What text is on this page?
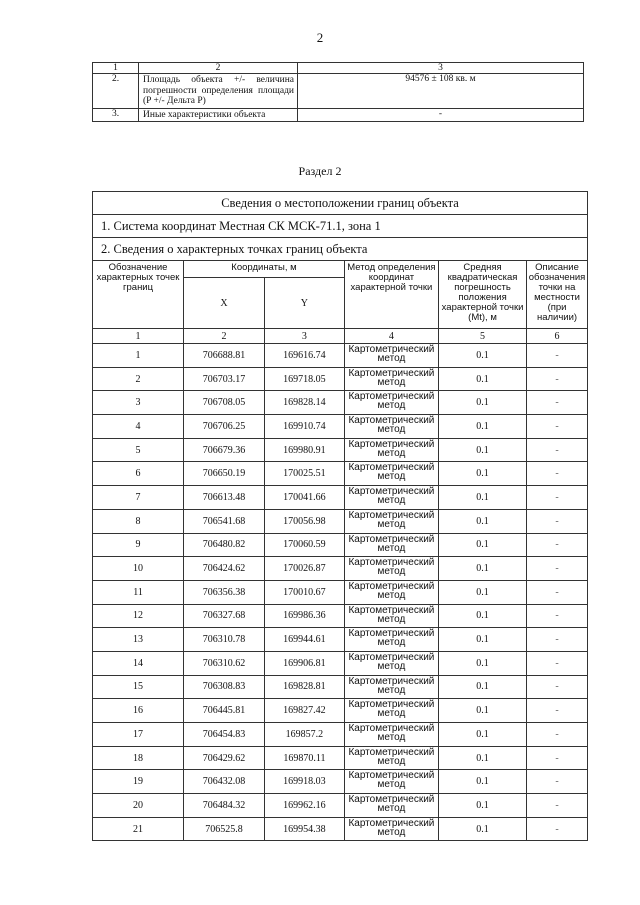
2
1	2	3
2.	Площадь объекта +/- величина погрешности определения площади (P +/- Дельта P)	94576 ± 108 кв. м
3.	Иные характеристики объекта	-
Раздел 2
Сведения о местоположении границ объекта					
1. Система координат Местная СК МСК-71.1, зона 1					
2. Сведения о характерных точках границ объекта					
Обозначение характерных точек границ	Координаты, м		Метод определения координат характерной точки	Средняя квадратическая погрешность положения характерной точки (Mt), м	Описание обозначения точки на местности (при наличии)
	X	Y			
1	2	3	4	5	6
1	706688.81	169616.74	Картометрический метод	0.1	-
2	706703.17	169718.05	Картометрический метод	0.1	-
3	706708.05	169828.14	Картометрический метод	0.1	-
4	706706.25	169910.74	Картометрический метод	0.1	-
5	706679.36	169980.91	Картометрический метод	0.1	-
6	706650.19	170025.51	Картометрический метод	0.1	-
7	706613.48	170041.66	Картометрический метод	0.1	-
8	706541.68	170056.98	Картометрический метод	0.1	-
9	706480.82	170060.59	Картометрический метод	0.1	-
10	706424.62	170026.87	Картометрический метод	0.1	-
11	706356.38	170010.67	Картометрический метод	0.1	-
12	706327.68	169986.36	Картометрический метод	0.1	-
13	706310.78	169944.61	Картометрический метод	0.1	-
14	706310.62	169906.81	Картометрический метод	0.1	-
15	706308.83	169828.81	Картометрический метод	0.1	-
16	706445.81	169827.42	Картометрический метод	0.1	-
17	706454.83	169857.2	Картометрический метод	0.1	-
18	706429.62	169870.11	Картометрический метод	0.1	-
19	706432.08	169918.03	Картометрический метод	0.1	-
20	706484.32	169962.16	Картометрический метод	0.1	-
21	706525.8	169954.38	Картометрический метод	0.1	-
